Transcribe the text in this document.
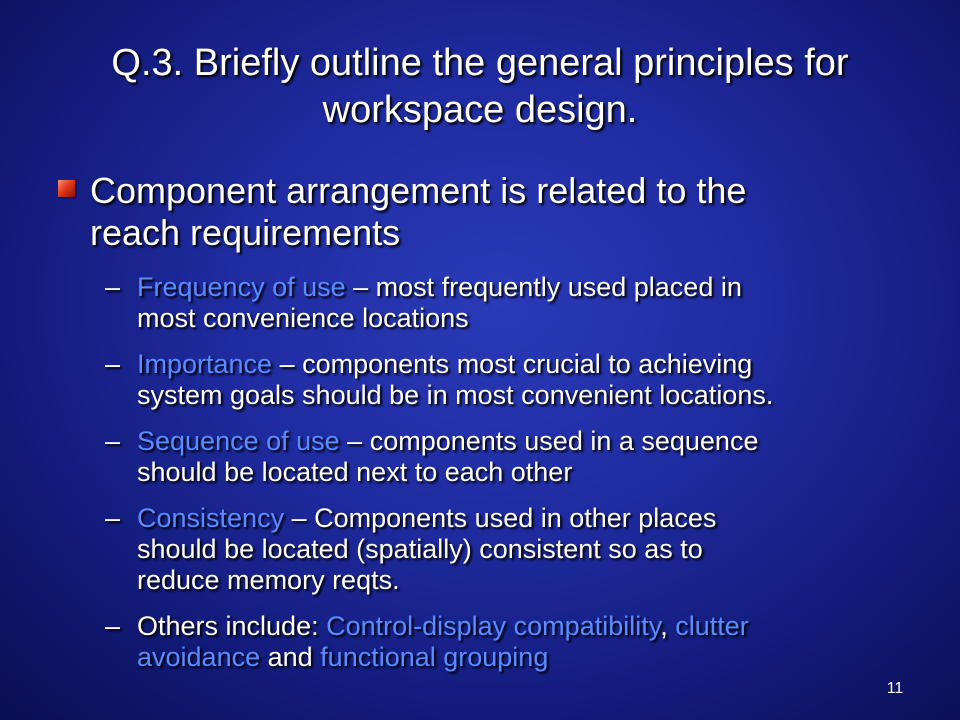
Q.3. Briefly outline the general principles for
workspace design.
Component arrangement is related to the
reach requirements
– Frequency of use – most frequently used placed in
most convenience locations
– Importance – components most crucial to achieving
system goals should be in most convenient locations.
– Sequence of use – components used in a sequence
should be located next to each other
– Consistency – Components used in other places
should be located (spatially) consistent so as to
reduce memory reqts.
– Others include: Control-display compatibility, clutter
avoidance and functional grouping
11
